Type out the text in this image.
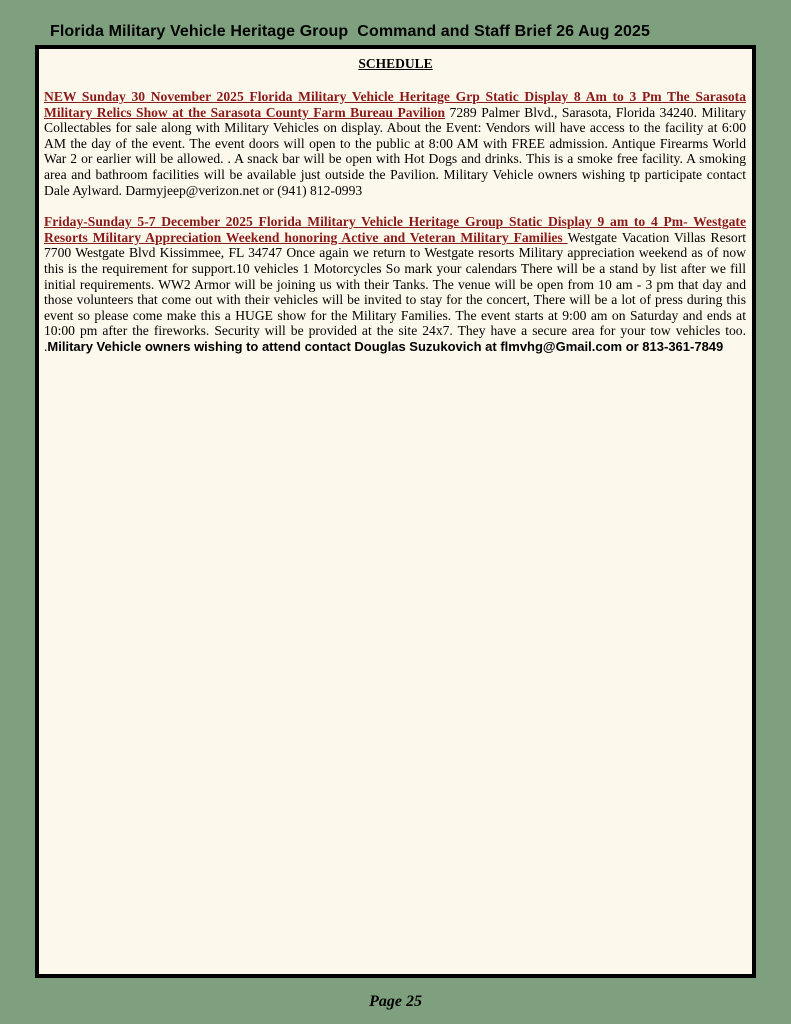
Florida Military Vehicle Heritage Group  Command and Staff Brief 26 Aug 2025
SCHEDULE
NEW Sunday 30 November 2025 Florida Military Vehicle Heritage Grp Static Display 8 Am to 3 Pm The Sarasota Military Relics Show at the Sarasota County Farm Bureau Pavilion 7289 Palmer Blvd., Sarasota, Florida 34240. Military Collectables for sale along with Military Vehicles on display. About the Event: Vendors will have access to the facility at 6:00 AM the day of the event. The event doors will open to the public at 8:00 AM with FREE admission. Antique Firearms World War 2 or earlier will be allowed. . A snack bar will be open with Hot Dogs and drinks. This is a smoke free facility. A smoking area and bathroom facilities will be available just outside the Pavilion. Military Vehicle owners wishing tp participate contact Dale Aylward. Darmyjeep@verizon.net or (941) 812-0993
Friday-Sunday 5-7 December 2025 Florida Military Vehicle Heritage Group Static Display 9 am to 4 Pm- Westgate Resorts Military Appreciation Weekend honoring Active and Veteran Military Families Westgate Vacation Villas Resort 7700 Westgate Blvd Kissimmee, FL 34747 Once again we return to Westgate resorts Military appreciation weekend as of now this is the requirement for support.10 vehicles 1 Motorcycles So mark your calendars There will be a stand by list after we fill initial requirements. WW2 Armor will be joining us with their Tanks. The venue will be open from 10 am - 3 pm that day and those volunteers that come out with their vehicles will be invited to stay for the concert, There will be a lot of press during this event so please come make this a HUGE show for the Military Families. The event starts at 9:00 am on Saturday and ends at 10:00 pm after the fireworks. Security will be provided at the site 24x7. They have a secure area for your tow vehicles too. .Military Vehicle owners wishing to attend contact Douglas Suzukovich at flmvhg@Gmail.com or 813-361-7849
Page 25
